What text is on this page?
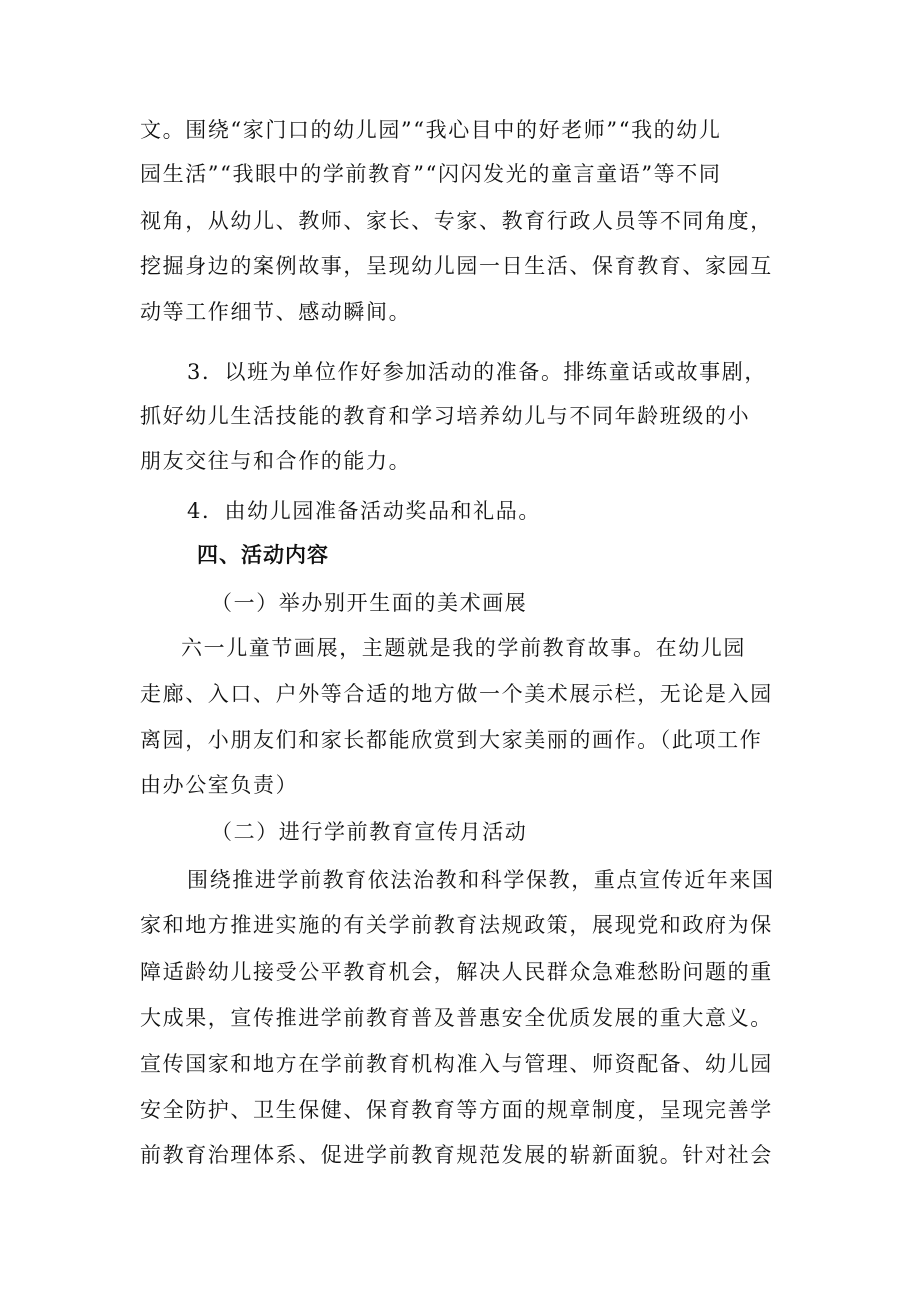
文。围绕“家门口的幼儿园”“我心目中的好老师”“我的幼儿
园生活”“我眼中的学前教育”“闪闪发光的童言童语”等不同
视角，从幼儿、教师、家长、专家、教育行政人员等不同角度，
挖掘身边的案例故事，呈现幼儿园一日生活、保育教育、家园互
动等工作细节、感动瞬间。
3．以班为单位作好参加活动的准备。排练童话或故事剧，
抓好幼儿生活技能的教育和学习培养幼儿与不同年龄班级的小
朋友交往与和合作的能力。
4．由幼儿园准备活动奖品和礼品。
四、活动内容
（一）举办别开生面的美术画展
六一儿童节画展，主题就是我的学前教育故事。在幼儿园
走廊、入口、户外等合适的地方做一个美术展示栏，无论是入园
离园，小朋友们和家长都能欣赏到大家美丽的画作。（此项工作
由办公室负责）
（二）进行学前教育宣传月活动
围绕推进学前教育依法治教和科学保教，重点宣传近年来国
家和地方推进实施的有关学前教育法规政策，展现党和政府为保
障适龄幼儿接受公平教育机会，解决人民群众急难愁盼问题的重
大成果，宣传推进学前教育普及普惠安全优质发展的重大意义。
宣传国家和地方在学前教育机构准入与管理、师资配备、幼儿园
安全防护、卫生保健、保育教育等方面的规章制度，呈现完善学
前教育治理体系、促进学前教育规范发展的崭新面貌。针对社会
